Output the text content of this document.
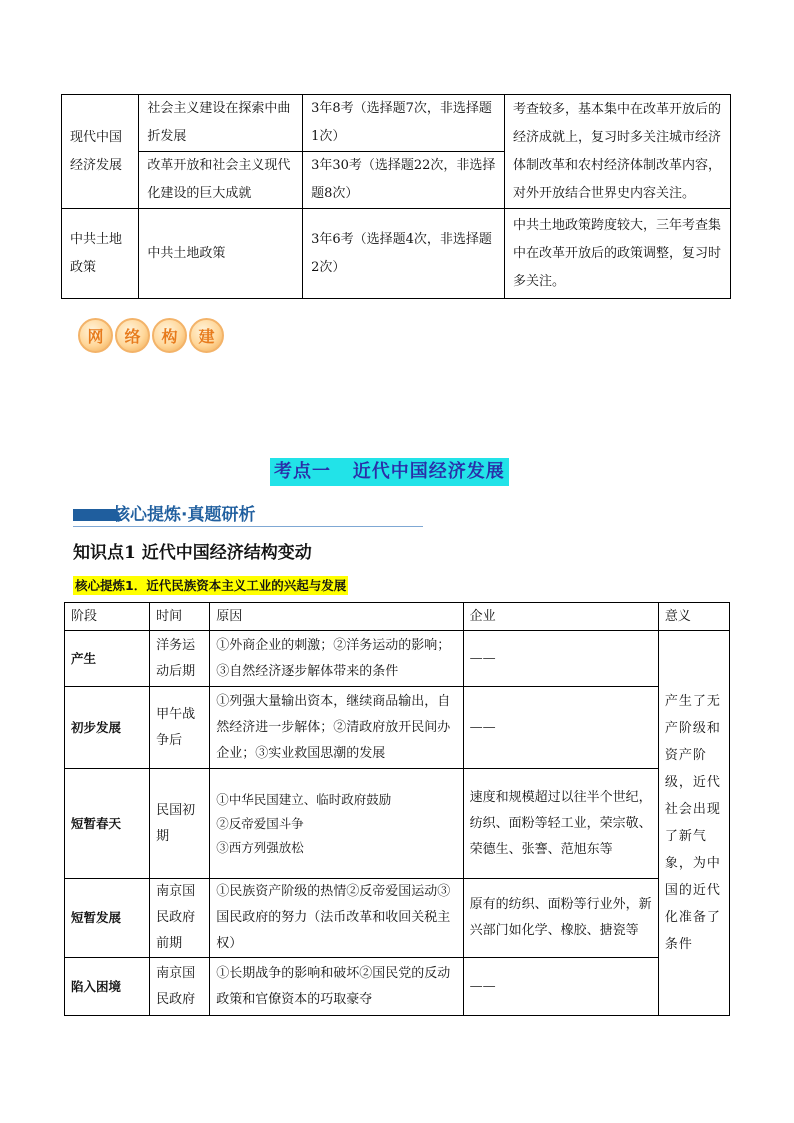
现代中国经济发展	社会主义建设在探索中曲折发展	3年8考（选择题7次，非选择题1次）	考查较多，基本集中在改革开放后的经济成就上，复习时多关注城市经济体制改革和农村经济体制改革内容，对外开放结合世界史内容关注。
	改革开放和社会主义现代化建设的巨大成就	3年30考（选择题22次，非选择题8次）	
中共土地政策	中共土地政策	3年6考（选择题4次，非选择题2次）	中共土地政策跨度较大，三年考查集中在改革开放后的政策调整，复习时多关注。
网	络	构	建
考点一   近代中国经济发展
核心提炼·真题研析
知识点1 近代中国经济结构变动
核心提炼1．近代民族资本主义工业的兴起与发展
阶段	时间	原因	企业	意义
产生	洋务运动后期	①外商企业的刺激；②洋务运动的影响；③自然经济逐步解体带来的条件	——	产生了无产阶级和资产阶级，近代社会出现了新气象，为中国的近代化准备了条件
初步发展	甲午战争后	①列强大量输出资本，继续商品输出，自然经济进一步解体；②清政府放开民间办企业；③实业救国思潮的发展	——	
短暂春天	民国初期	①中华民国建立、临时政府鼓励
②反帝爱国斗争
③西方列强放松	速度和规模超过以往半个世纪，纺织、面粉等轻工业，荣宗敬、荣德生、张謇、范旭东等	
短暂发展	南京国民政府前期	①民族资产阶级的热情②反帝爱国运动③国民政府的努力（法币改革和收回关税主权）	原有的纺织、面粉等行业外，新兴部门如化学、橡胶、搪瓷等	
陷入困境	南京国民政府	①长期战争的影响和破坏②国民党的反动政策和官僚资本的巧取豪夺	——	
